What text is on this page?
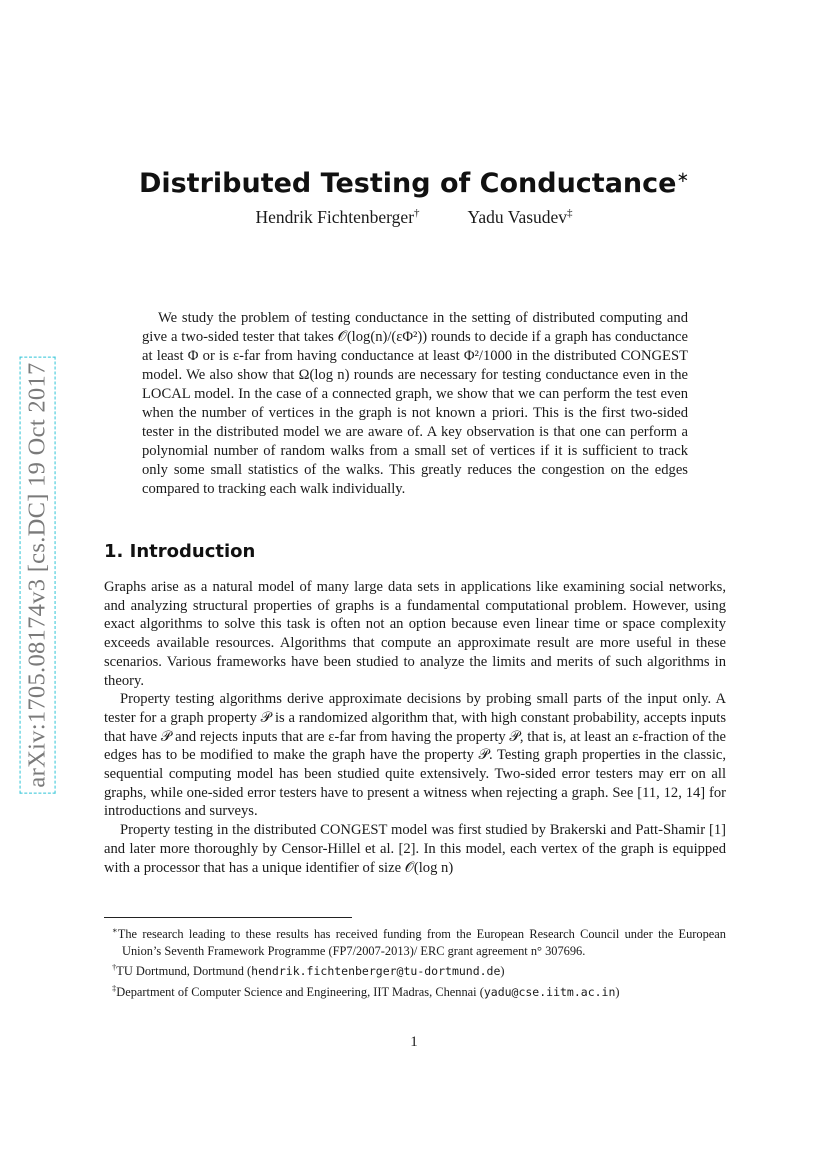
arXiv:1705.08174v3 [cs.DC] 19 Oct 2017
Distributed Testing of Conductance∗
Hendrik Fichtenberger†	Yadu Vasudev‡

We study the problem of testing conductance in the setting of distributed computing and give a two-sided tester that takes 𝒪(log(n)/(εΦ²)) rounds to decide if a graph has conductance at least Φ or is ε-far from having conductance at least Φ²/1000 in the distributed CONGEST model. We also show that Ω(log n) rounds are necessary for testing conductance even in the LOCAL model. In the case of a connected graph, we show that we can perform the test even when the number of vertices in the graph is not known a priori. This is the first two-sided tester in the distributed model we are aware of. A key observation is that one can perform a polynomial number of random walks from a small set of vertices if it is sufficient to track only some small statistics of the walks. This greatly reduces the congestion on the edges compared to tracking each walk individually.

1. Introduction

Graphs arise as a natural model of many large data sets in applications like examining social networks, and analyzing structural properties of graphs is a fundamental computational problem. However, using exact algorithms to solve this task is often not an option because even linear time or space complexity exceeds available resources. Algorithms that compute an approximate result are more useful in these scenarios. Various frameworks have been studied to analyze the limits and merits of such algorithms in theory.

Property testing algorithms derive approximate decisions by probing small parts of the input only. A tester for a graph property 𝒫 is a randomized algorithm that, with high constant probability, accepts inputs that have 𝒫 and rejects inputs that are ε-far from having the property 𝒫, that is, at least an ε-fraction of the edges has to be modified to make the graph have the property 𝒫. Testing graph properties in the classic, sequential computing model has been studied quite extensively. Two-sided error testers may err on all graphs, while one-sided error testers have to present a witness when rejecting a graph. See [11, 12, 14] for introductions and surveys.

Property testing in the distributed CONGEST model was first studied by Brakerski and Patt-Shamir [1] and later more thoroughly by Censor-Hillel et al. [2]. In this model, each vertex of the graph is equipped with a processor that has a unique identifier of size 𝒪(log n)

∗The research leading to these results has received funding from the European Research Council under the European Union’s Seventh Framework Programme (FP7/2007-2013)/ ERC grant agreement n° 307696.
†TU Dortmund, Dortmund (hendrik.fichtenberger@tu-dortmund.de)
‡Department of Computer Science and Engineering, IIT Madras, Chennai (yadu@cse.iitm.ac.in)
1
